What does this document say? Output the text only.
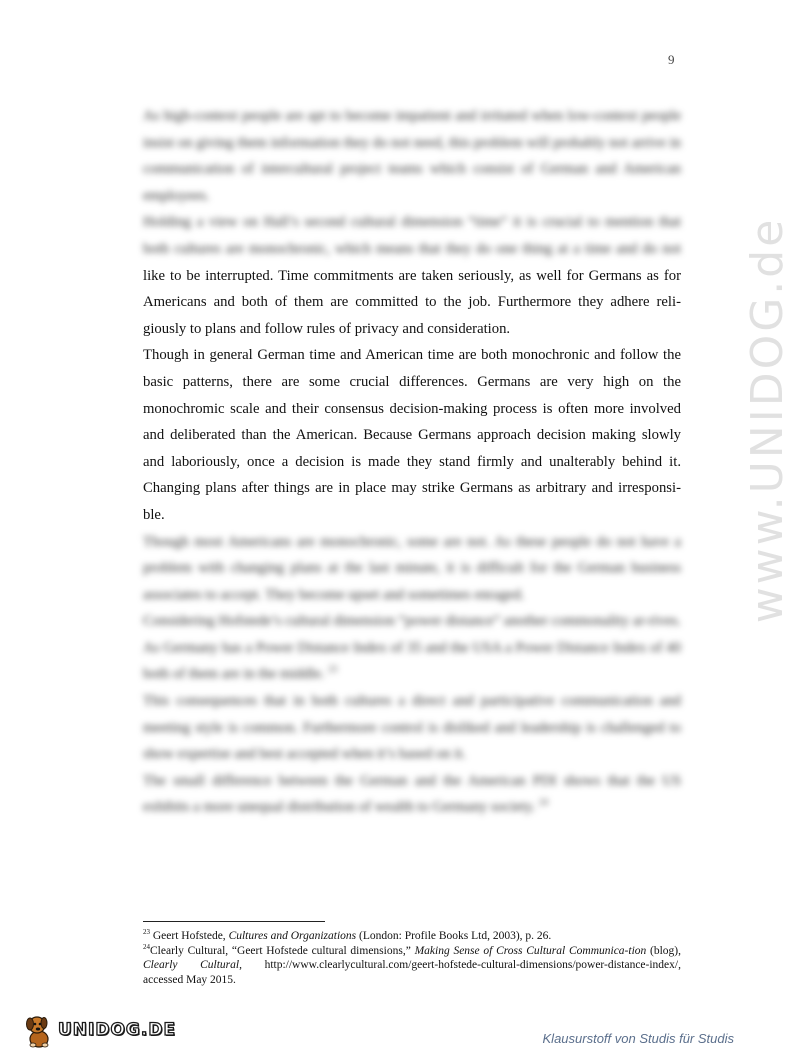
9
www.UNIDOG.de

As high-context people are apt to become impatient and irritated when low-context people insist on giving them information they do not need, this problem will probably not arrive in communication of intercultural project teams which consist of German and American employees.

Holding a view on Hall’s second cultural dimension “time” it is crucial to mention that both cultures are monochronic, which means that they do one thing at a time and do not like to be interrupted. Time commitments are taken seriously, as well for Germans as for Americans and both of them are committed to the job. Furthermore they adhere reli-giously to plans and follow rules of privacy and consideration.

Though in general German time and American time are both monochronic and follow the basic patterns, there are some crucial differences. Germans are very high on the monochromic scale and their consensus decision-making process is often more involved and deliberated than the American. Because Germans approach decision making slowly and laboriously, once a decision is made they stand firmly and unalterably behind it. Changing plans after things are in place may strike Germans as arbitrary and irresponsi-ble.

Though most Americans are monochronic, some are not. As these people do not have a problem with changing plans at the last minute, it is difficult for the German business associates to accept. They become upset and sometimes enraged.

Considering Hofstede’s cultural dimension “power distance” another commonality ar-rives. As Germany has a Power Distance Index of 35 and the USA a Power Distance Index of 40 both of them are in the middle. $^{23}$

This consequences that in both cultures a direct and participative communication and meeting style is common. Furthermore control is disliked and leadership is challenged to show expertise and best accepted when it’s based on it.

The small difference between the German and the American PDI shows that the US exhibits a more unequal distribution of wealth to Germany society. $^{24}$

$^{23}$ Geert Hofstede, Cultures and Organizations (London: Profile Books Ltd, 2003), p. 26.

$^{24}$Clearly Cultural, “Geert Hofstede cultural dimensions,” Making Sense of Cross Cultural Communica-tion (blog), Clearly Cultural, http://www.clearlycultural.com/geert-hofstede-cultural-dimensions/power-distance-index/, accessed May 2015.

UNIDOG.DE	Klausurstoff von Studis für Studis
